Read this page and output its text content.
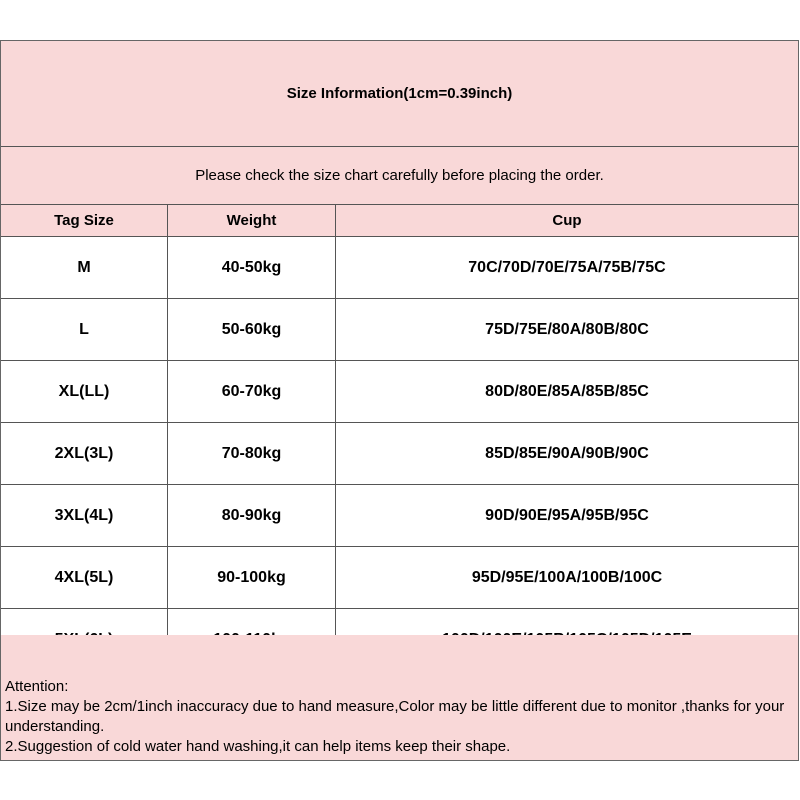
Size Information(1cm=0.39inch)
Please check the size chart carefully before placing the order.
Tag Size	Weight	Cup
M	40-50kg	70C/70D/70E/75A/75B/75C
L	50-60kg	75D/75E/80A/80B/80C
XL(LL)	60-70kg	80D/80E/85A/85B/85C
2XL(3L)	70-80kg	85D/85E/90A/90B/90C
3XL(4L)	80-90kg	90D/90E/95A/95B/95C
4XL(5L)	90-100kg	95D/95E/100A/100B/100C

Attention:

1.Size may be 2cm/1inch inaccuracy due to hand measure,Color may be little different due to monitor ,thanks for your understanding.

2.Suggestion of cold water hand washing,it can help items keep their shape.
